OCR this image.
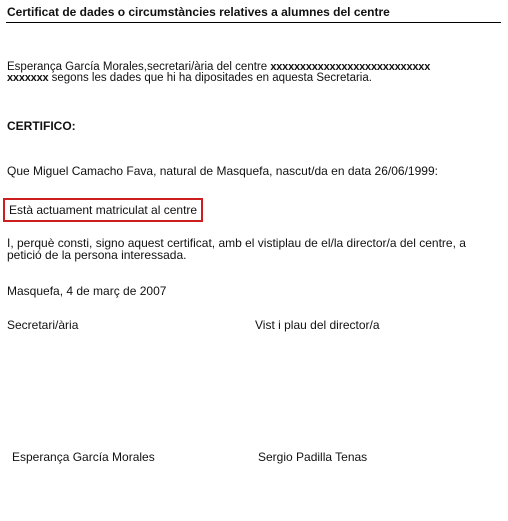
Certificat de dades o circumstàncies relatives a alumnes del centre
Esperança García Morales,secretari/ària del centre xxxxxxxxxxxxxxxxxxxxxxxxxxx
xxxxxxx segons les dades que hi ha dipositades en aquesta Secretaria.
CERTIFICO:
Que Miguel Camacho Fava, natural de Masquefa, nascut/da en data 26/06/1999:
Està actuament matriculat al centre
I, perquè consti, signo aquest certificat, amb el vistiplau de el/la director/a del centre, a petició de la persona interessada.
Masquefa, 4 de març de 2007
Secretari/ària	Vist i plau del director/a
Esperança García Morales	Sergio Padilla Tenas
